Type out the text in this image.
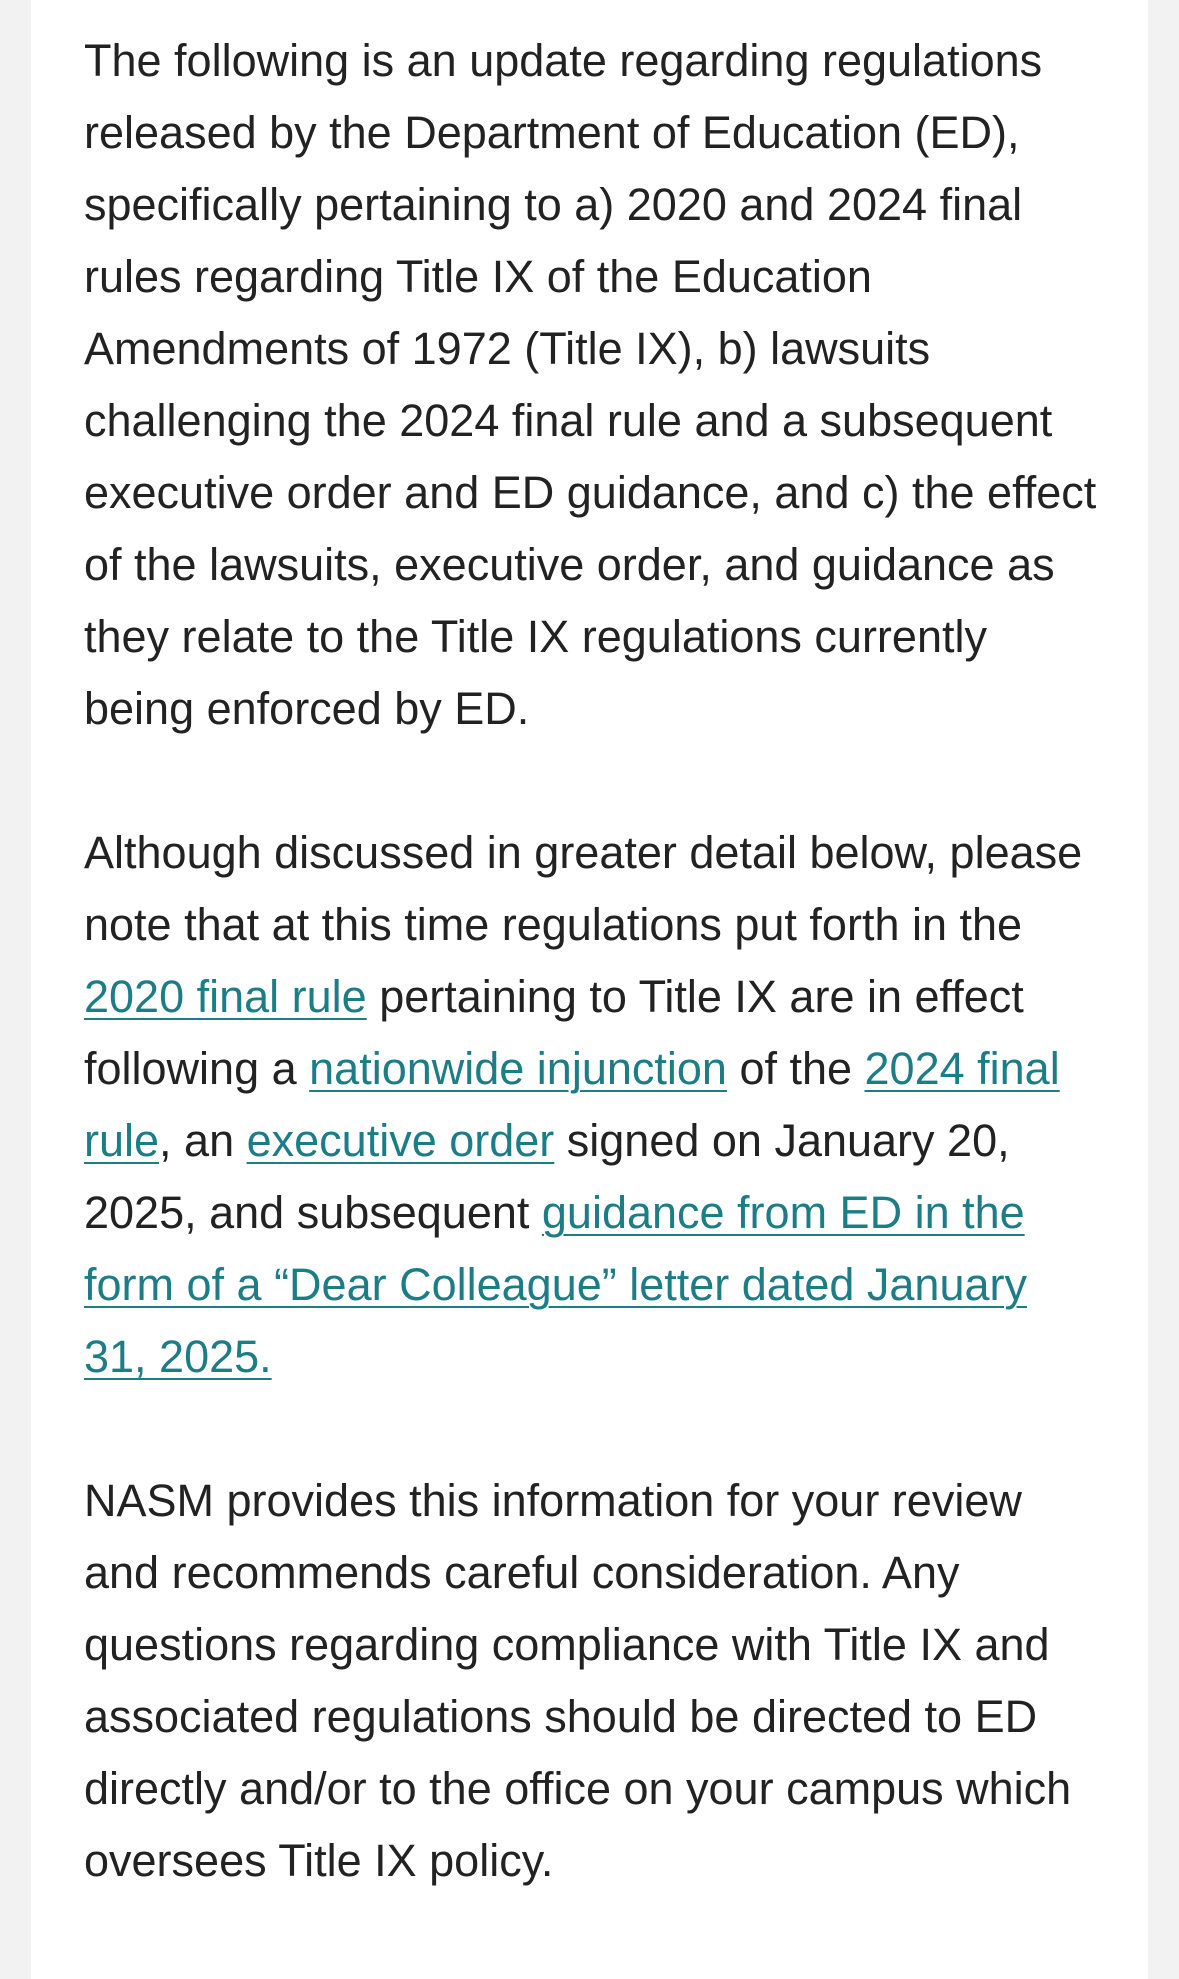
The following is an update regarding regulations released by the Department of Education (ED), specifically pertaining to a) 2020 and 2024 final rules regarding Title IX of the Education Amendments of 1972 (Title IX), b) lawsuits challenging the 2024 final rule and a subsequent executive order and ED guidance, and c) the effect of the lawsuits, executive order, and guidance as they relate to the Title IX regulations currently being enforced by ED.

Although discussed in greater detail below, please note that at this time regulations put forth in the 2020 final rule pertaining to Title IX are in effect following a nationwide injunction of the 2024 final rule, an executive order signed on January 20, 2025, and subsequent guidance from ED in the form of a “Dear Colleague” letter dated January 31, 2025.

NASM provides this information for your review and recommends careful consideration. Any questions regarding compliance with Title IX and associated regulations should be directed to ED directly and/or to the office on your campus which oversees Title IX policy.
